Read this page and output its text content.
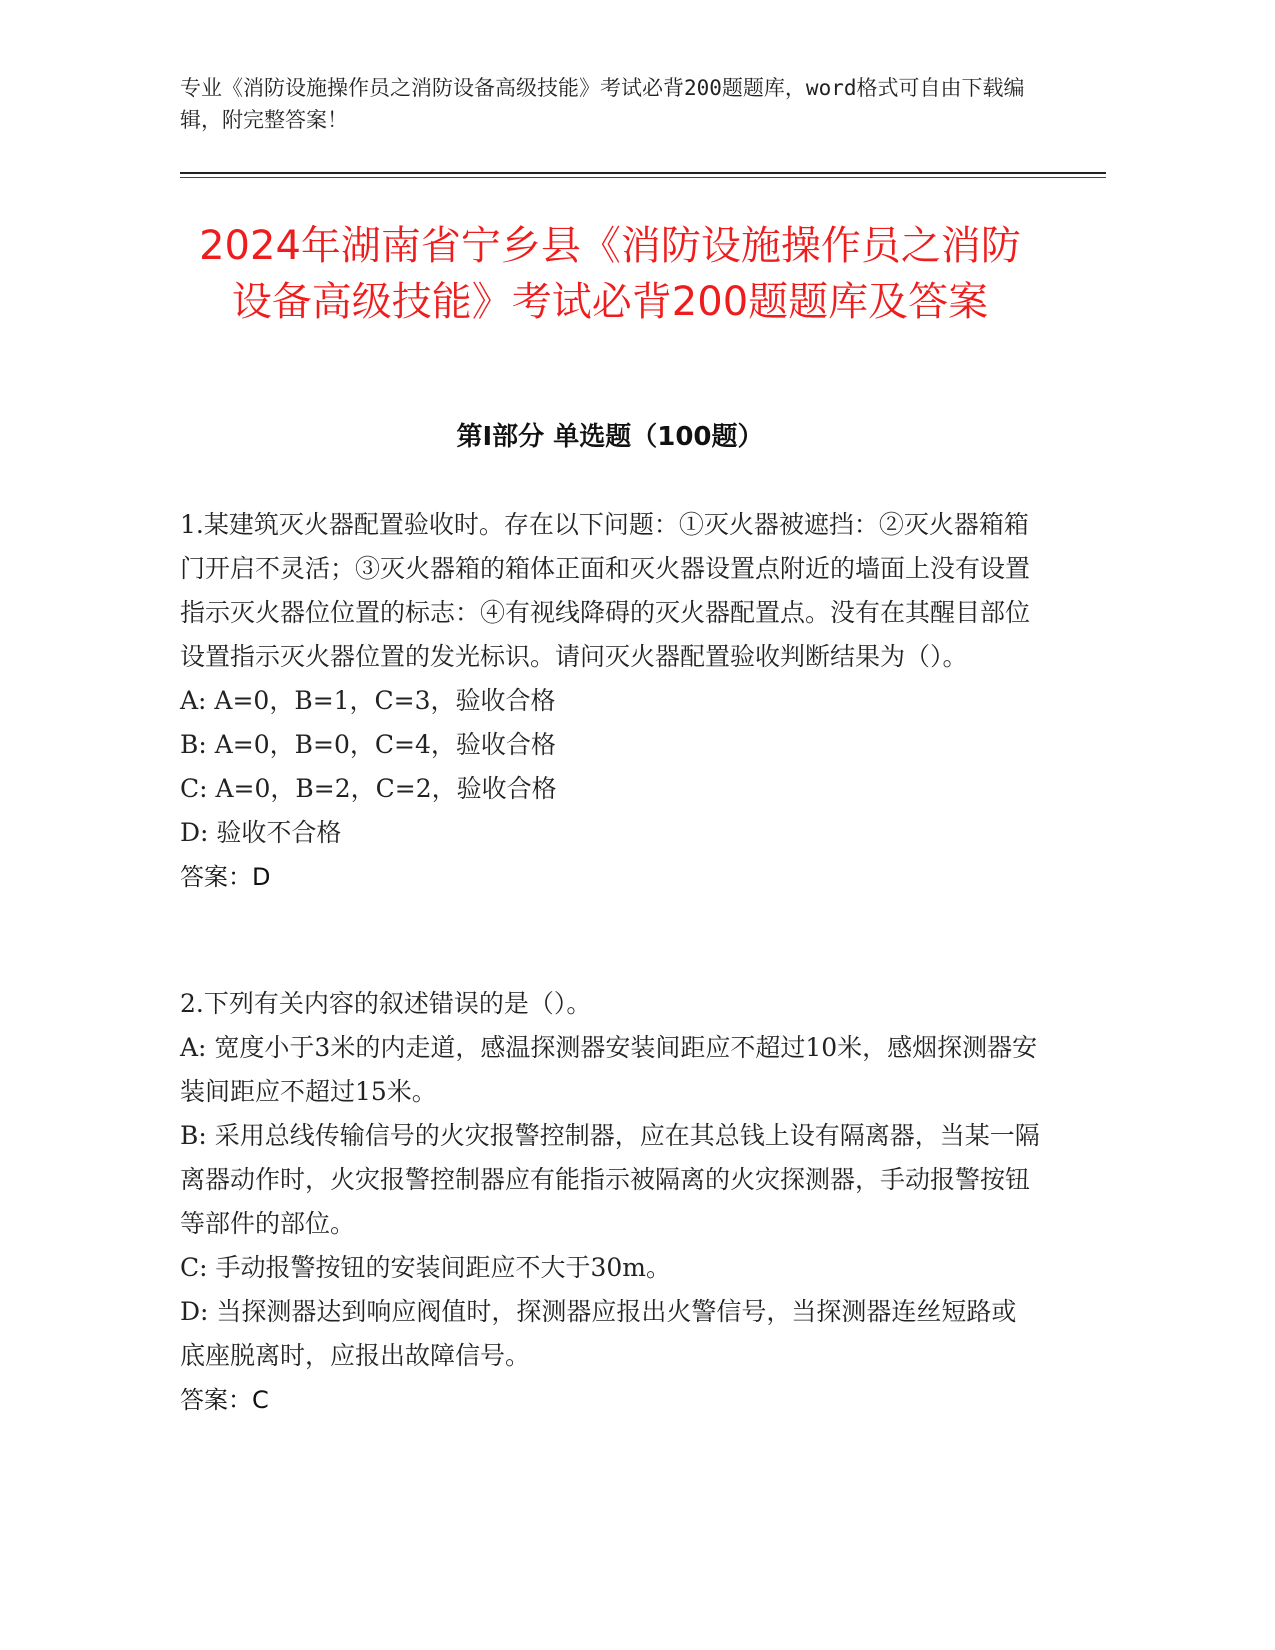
专业《消防设施操作员之消防设备高级技能》考试必背200题题库，word格式可自由下载编辑，附完整答案！
2024年湖南省宁乡县《消防设施操作员之消防设备高级技能》考试必背200题题库及答案
第I部分 单选题（100题）

1.某建筑灭火器配置验收时。存在以下问题：①灭火器被遮挡：②灭火器箱箱门开启不灵活；③灭火器箱的箱体正面和灭火器设置点附近的墙面上没有设置指示灭火器位位置的标志：④有视线降碍的灭火器配置点。没有在其醒目部位设置指示灭火器位置的发光标识。请问灭火器配置验收判断结果为（）。

A: A=0，B=1，C=3，验收合格

B: A=0，B=0，C=4，验收合格

C: A=0，B=2，C=2，验收合格

D: 验收不合格

答案：D

2.下列有关内容的叙述错误的是（）。

A: 宽度小于3米的内走道，感温探测器安装间距应不超过10米，感烟探测器安装间距应不超过15米。

B: 采用总线传输信号的火灾报警控制器，应在其总钱上设有隔离器，当某一隔离器动作时，火灾报警控制器应有能指示被隔离的火灾探测器，手动报警按钮等部件的部位。

C: 手动报警按钮的安装间距应不大于30m。

D: 当探测器达到响应阀值时，探测器应报出火警信号，当探测器连丝短路或底座脱离时，应报出故障信号。

答案：C
